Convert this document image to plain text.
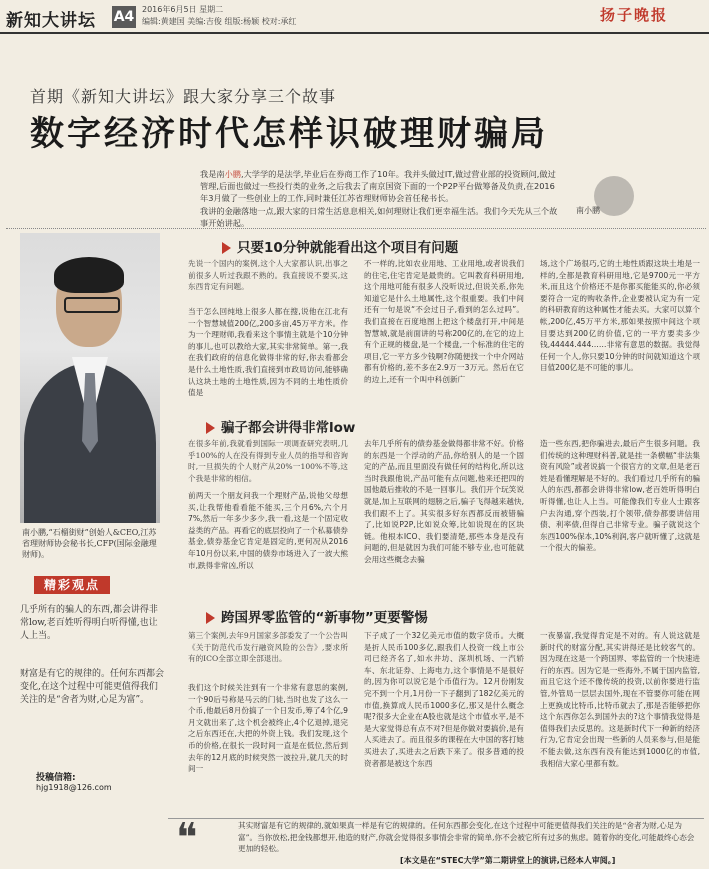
新知大讲坛 A4 2016年6月5日 星期二
编辑:黄建国 美编:吉俊 组版:杨颖 校对:承红	扬子晚报
首期《新知大讲坛》跟大家分享三个故事
数字经济时代怎样识破理财骗局

我是南小鹏,大学学的是法学,毕业后在券商工作了10年。我并头做过IT,做过营业部的投资顾问,做过管理,后面也做过一些投行类的业务,之后我去了南京国资下面的一个P2P平台做筹备及负责,在2016年3月做了一些创业上的工作,同时兼任江苏省理财师协会首任秘书长。

我讲的金融落地一点,跟大家的日常生活息息相关,如何理财让我们更幸福生活。我们今天先从三个故事开始讲起。

南小鹏
南小鹏,“石榴街财”创始人&CEO,江苏省理财师协会秘书长,CFP(国际金融理财师)。
精彩观点
几乎所有的骗人的东西,都会讲得非常low,老百姓听得明白听得懂,也让人上当。
财富是有它的规律的。任何东西都会变化,在这个过程中可能更值得我们关注的是“舍者为财,心足为富”。
投稿信箱:
hjg1918@126.com
只要10分钟就能看出这个项目有问题
先说一个国内的案例,这个人大家都认识,出事之前很多人听过我跟不熟的。我直接说不要买,这东西肯定有问题。
当于怎么回纯地上很多人都在搜,说他在江北有一个智慧城值200亿,200多亩,45万平方米。作为一个理财师,我看来这个事情主就是个10分钟的事儿,也可以教给大家,其实非常简单。第一,我在我们政府的信息化做得非常的好,你去看都会是什么土地性质,我们直接到市政局访问,能够确认这块土地的土地性质,因为不同的土地性质价值是
不一样的,比如农业用地、工业用地,或者说我们的住宅,住宅肯定是最贵的。它叫教育科研用地,这个用地可能有很多人没听说过,但说关系,你先知道它是什么土地属性,这个很重要。我们中间还有一句是说“不会过日子,看到的怎么过吗”。我们直接在百度地图上把这个楼盘打开,中间是智慧城,就是前面讲的号称200亿的,在它的边上有个正规的楼盘,是一个楼盘,一个标准的住宅的项目,它一平方多少钱啊?你随便找一个中介网站都有价格的,差不多在2.9万一3万元。然后在它的边上,还有一个叫中科创新广
场,这个广场很巧,它的土地性质跟这块土地是一样的,全都是教育科研用地,它是9700元一平方米,而且这个价格还不是你都买能能买的,你必须要符合一定的购收条件,企业要被认定为有一定的科研教育的这种属性才能去买。大家可以算个帐,200亿,45万平方米,那如果按照中间这个项目要达到200亿的价值,它的一平方要卖多少钱,44444.444……非常有意思的数据。我觉得任何一个人,你只要10分钟的时间就知道这个项目值200亿是不可能的事儿。
骗子都会讲得非常low
在很多年前,我就看到国际一项调查研究表明,几乎100%的人在没有得到专业人员的指导和咨询时,一旦损失的个人财产从20%一100%不等,这个我是非常的相信。
前两天一个朋友问我一个理财产品,说他父母想买,让我帮他看看能不能买,三个月6%,六个月7%,然后一年多少多少,我一看,这是一个固定收益类的产品。再看它的底层投向了一个私募债券基金,债券基金它肯定是固定的,更何况从2016年10月份以来,中国的债券市场进入了一波大熊市,跌得非常凶,所以
去年几乎所有的债券基金做得都非常不好。价格的东西是一个浮动的产品,你给别人的是一个固定的产品,而且里面没有做任何的结构化,所以这当时我跟他说,产品可能有点问题,他来还把四的国他最后推收的不是一回事儿。我们开个玩笑说就是,加上互联网的翅膀之后,骗子飞得越来越快,我们跟不上了。其实很多好东西都反而被错骗了,比如说P2P,比如说众筹,比如说现在的区块链。他根本ICO、我们要清楚,那些本身是没有问题的,但是就因为我们可能不够专业,也可能就会用这些概念去骗
造一些东西,把你骗进去,最后产生很多问题。我们传统的这种理财科普,就是挂一条横幅“非法集资有风险”或者说搞一个很官方的文章,但是老百姓是看懂理解是不好的。我们看过几乎所有的骗人的东西,都都会讲得非常low,老百姓听得明白听得懂,也让人上当。可能像我们专业人士跟客户去沟通,穿个西装,打个领带,债券都要讲信用债、利率债,但得自己非常专业。骗子就说这个东西100%保本,10%利润,客户就听懂了,这就是一个很大的偏差。
跨国界零监管的“新事物”更要警惕
第三个案例,去年9月国家多部委发了一个公告叫《关于防范代币发行融资风险的公告》,要求所有的ICO全部立即全部退出。
我们这个时候关注到有一个非常有意思的案例,一个90后号称是马云的门徒,当时也发了这么一个币,他最后8月份搞了一个日发币,筹了4个亿,9月文就出来了,这个机会被终止,4个亿退掉,退完之后东西还在,大把的外资上钱。我们发现,这个币的价格,在很长一段时间一直是在低位,然后到去年的12月底的时候突然一波拉升,就几天的时间一
下子成了一个32亿美元市值的数字货币。大概是折人民币100多亿,跟我们人投资一线上市公司已经齐名了,如水井坊、深圳机场、一汽轿车、东北证券、上海电力,这个事情是不是很好的,因为你可以说它是个币值行为。12月份刚发完不到一个月,1月份一下子翻到了182亿美元的市值,换算成人民币1000多亿,那又是什么概念呢?很多大企业在A股也就是这个市值水平,是不是大家觉得总有点不对?但是你做对要搞价,是有人买进去了。而且很多的课程在大中国的客打她买进去了,买进去之后跌下来了。很多普通的投资者都是被这个东西
一夜暴富,我觉得肯定是不对的。有人说这就是新时代的财富分配,其实讲得还是比较客气的。因为现在这是一个跨国界、零监管的一个快速进行的东西。因为它是一些海外,不属于国内监管,而且它这个还不像传统的投资,以前你要进行监管,外管局一层层去国外,现在不管要你可能在网上更换成比特币,比特币就去了,那是否能够把你这个东西你怎么到国外去的?这个事情我觉得是值得我们去反思的。这是新时代下一种新的经济行为,它肯定会出现一些新的人员来参与,但是能不能去做,这东西有没有能达到1000亿的市值,我相信大家心里都有数。
❝	其实财富是有它的规律的,就如果真一样是有它的规律的。任何东西都会变化,在这个过程中可能更值得我们关注的是“舍者为财,心足为富”。当你放松,把金钱都想开,他造的财产,你就会觉得很多事情会非常的简单,你不会被它所有过多的焦虑。随着你的变化,可能最终心态会更加的轻松。
[本文是在“STEC大学”第二期讲堂上的演讲,已经本人审阅。]
